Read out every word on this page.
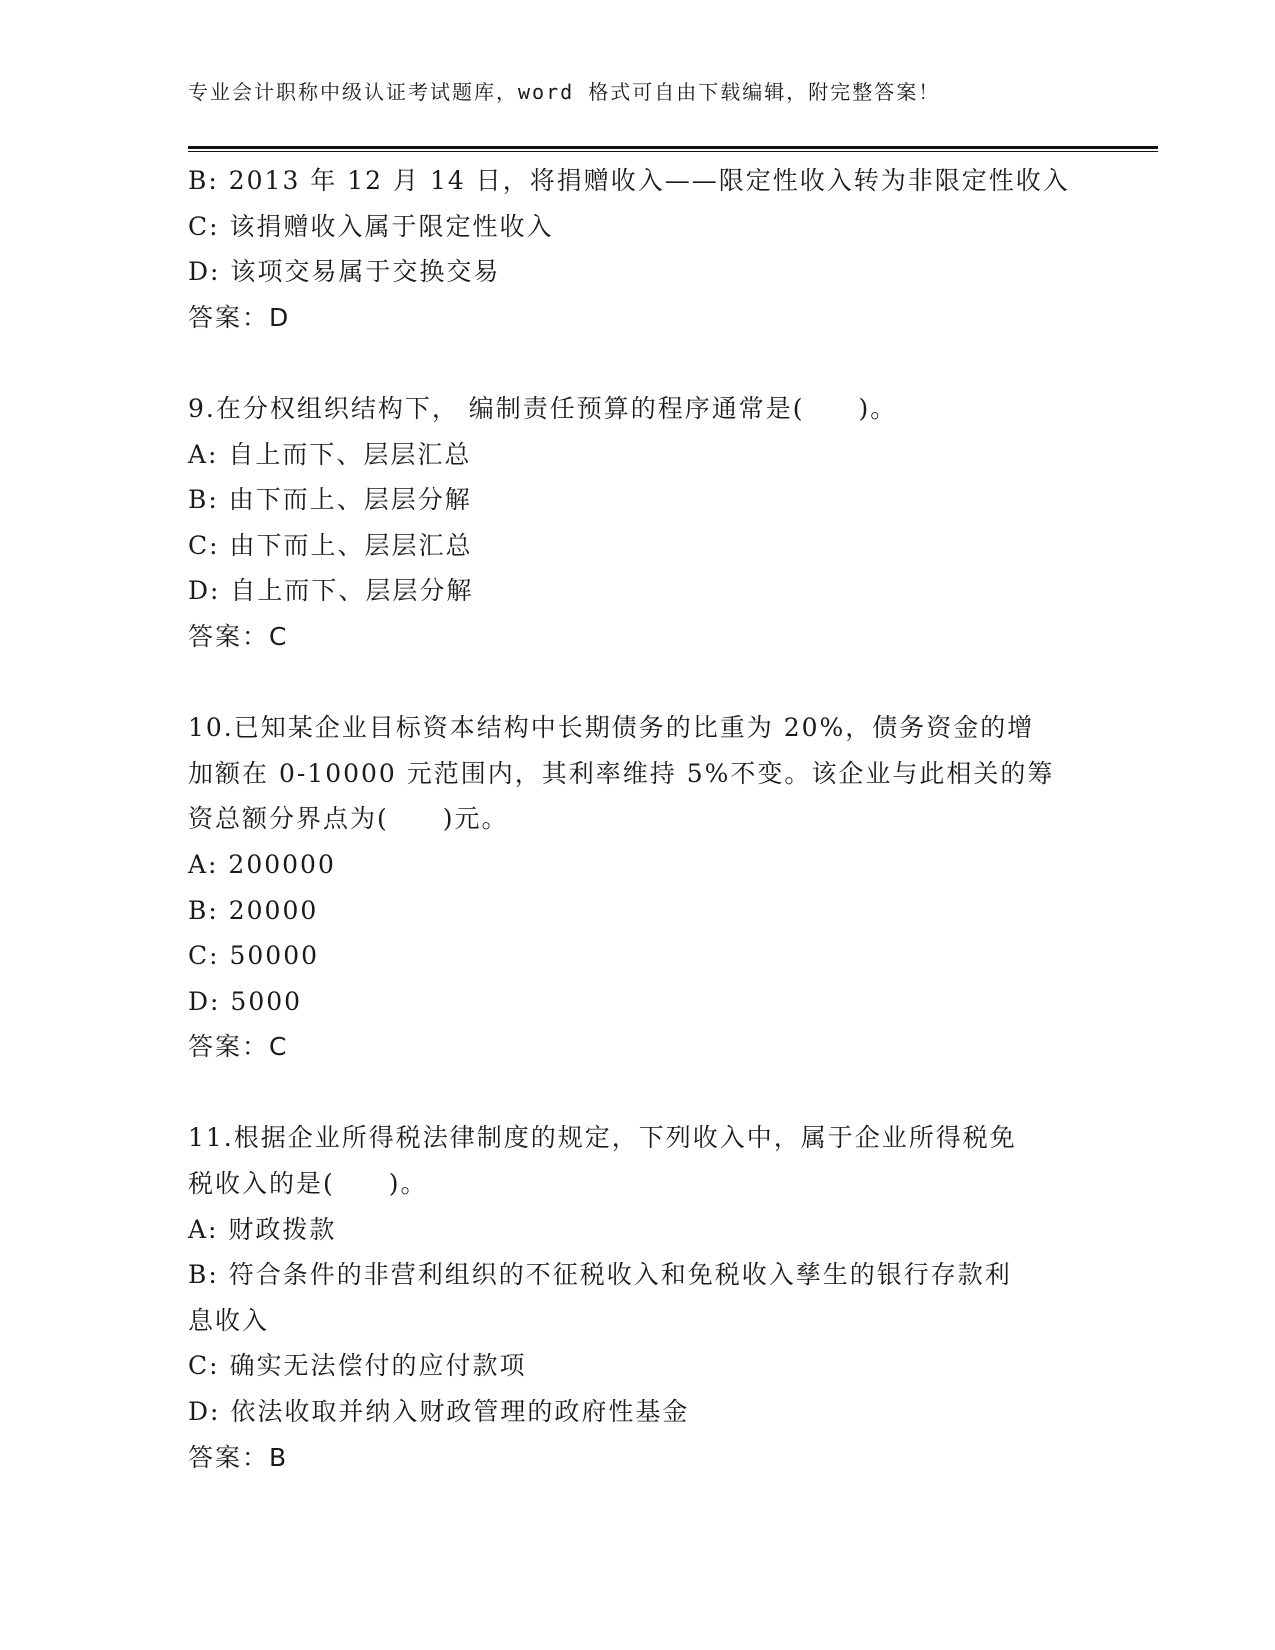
专业会计职称中级认证考试题库，word 格式可自由下载编辑，附完整答案！
B: 2013 年 12 月 14 日，将捐赠收入——限定性收入转为非限定性收入
C: 该捐赠收入属于限定性收入
D: 该项交易属于交换交易
答案：D
9.在分权组织结构下， 编制责任预算的程序通常是(　　)。
A: 自上而下、层层汇总
B: 由下而上、层层分解
C: 由下而上、层层汇总
D: 自上而下、层层分解
答案：C
10.已知某企业目标资本结构中长期债务的比重为 20%，债务资金的增
加额在 0-10000 元范围内，其利率维持 5%不变。该企业与此相关的筹
资总额分界点为(　　)元。
A: 200000
B: 20000
C: 50000
D: 5000
答案：C
11.根据企业所得税法律制度的规定，下列收入中，属于企业所得税免
税收入的是(　　)。
A: 财政拨款
B: 符合条件的非营利组织的不征税收入和免税收入孳生的银行存款利
息收入
C: 确实无法偿付的应付款项
D: 依法收取并纳入财政管理的政府性基金
答案：B
